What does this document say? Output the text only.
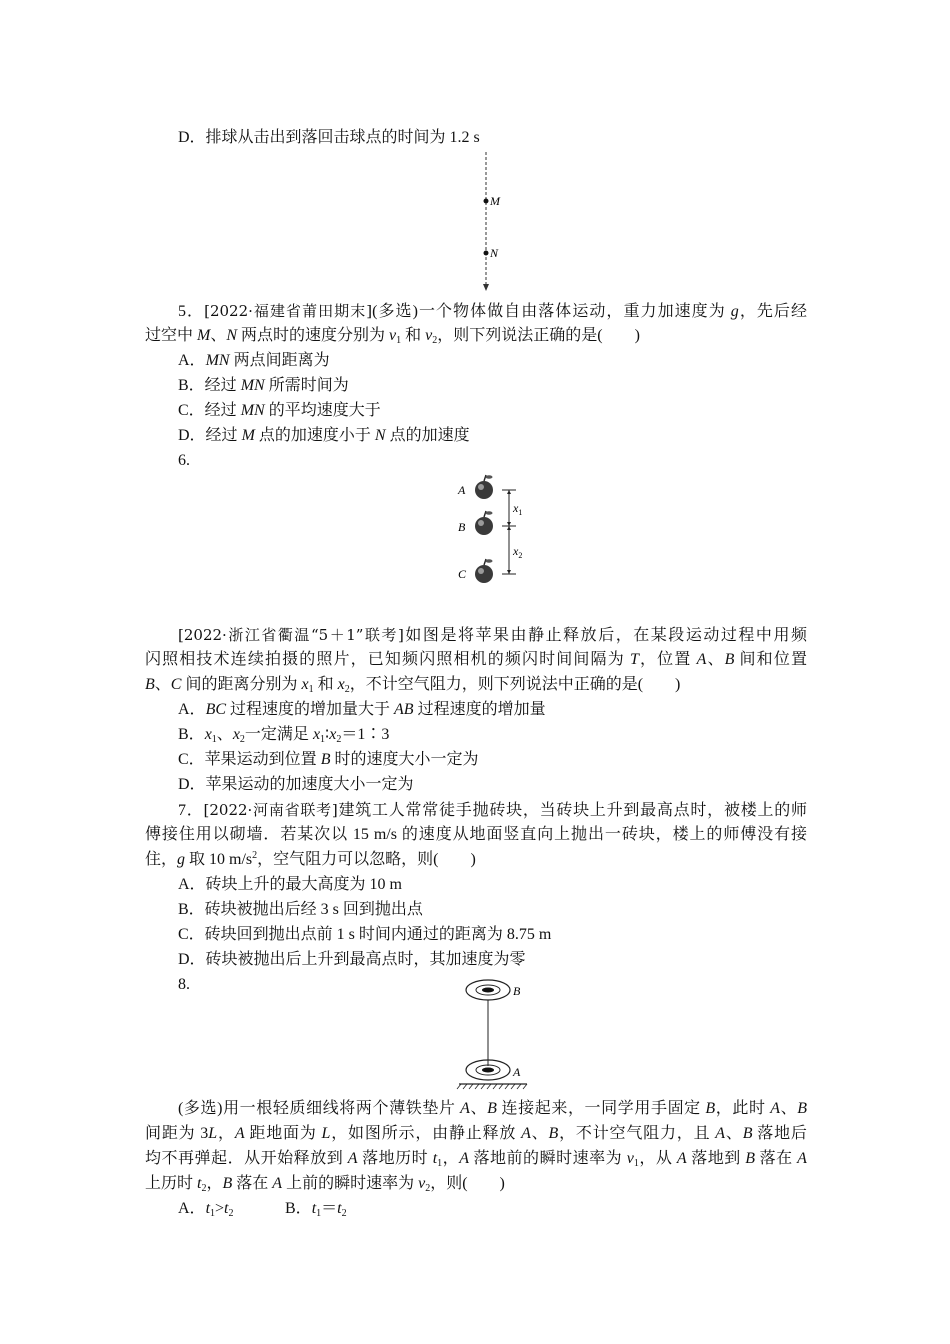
D．排球从击出到落回击球点的时间为 1.2 s
M
N
5．[2022·福建省莆田期末](多选)一个物体做自由落体运动，重力加速度为 g，先后经
过空中 M、N 两点时的速度分别为 $v_1$ 和 $v_2$，则下列说法正确的是(　　)
A．MN 两点间距离为
B．经过 MN 所需时间为
C．经过 MN 的平均速度大于
D．经过 M 点的加速度小于 N 点的加速度
6.
A
B
C
$x_1$
$x_2$
[2022·浙江省衢温“5＋1”联考]如图是将苹果由静止释放后，在某段运动过程中用频
闪照相技术连续拍摄的照片，已知频闪照相机的频闪时间间隔为 T，位置 A、B 间和位置
B、C 间的距离分别为 $x_1$ 和 $x_2$，不计空气阻力，则下列说法中正确的是(　　)
A．BC 过程速度的增加量大于 AB 过程速度的增加量
B．$x_1$、$x_2$一定满足 $x_1∶x_2=1∶3$
C．苹果运动到位置 B 时的速度大小一定为
D．苹果运动的加速度大小一定为
7．[2022·河南省联考]建筑工人常常徒手抛砖块，当砖块上升到最高点时，被楼上的师
傅接住用以砌墙．若某次以 15 m/s 的速度从地面竖直向上抛出一砖块，楼上的师傅没有接
住，g 取 10 $m/s^2$，空气阻力可以忽略，则(　　)
A．砖块上升的最大高度为 10 m
B．砖块被抛出后经 3 s 回到抛出点
C．砖块回到抛出点前 1 s 时间内通过的距离为 8.75 m
D．砖块被抛出后上升到最高点时，其加速度为零
8.	B
A
(多选)用一根轻质细线将两个薄铁垫片 A、B 连接起来，一同学用手固定 B，此时 A、B
间距为 3L，A 距地面为 L，如图所示，由静止释放 A、B，不计空气阻力，且 A、B 落地后
均不再弹起．从开始释放到 A 落地历时 $t_1$，A 落地前的瞬时速率为 $v_1$，从 A 落地到 B 落在 A
上历时 $t_2$，B 落在 A 上前的瞬时速率为 $v_2$，则(　　)
A．$t_1>t_2$	B．$t_1=t_2$
